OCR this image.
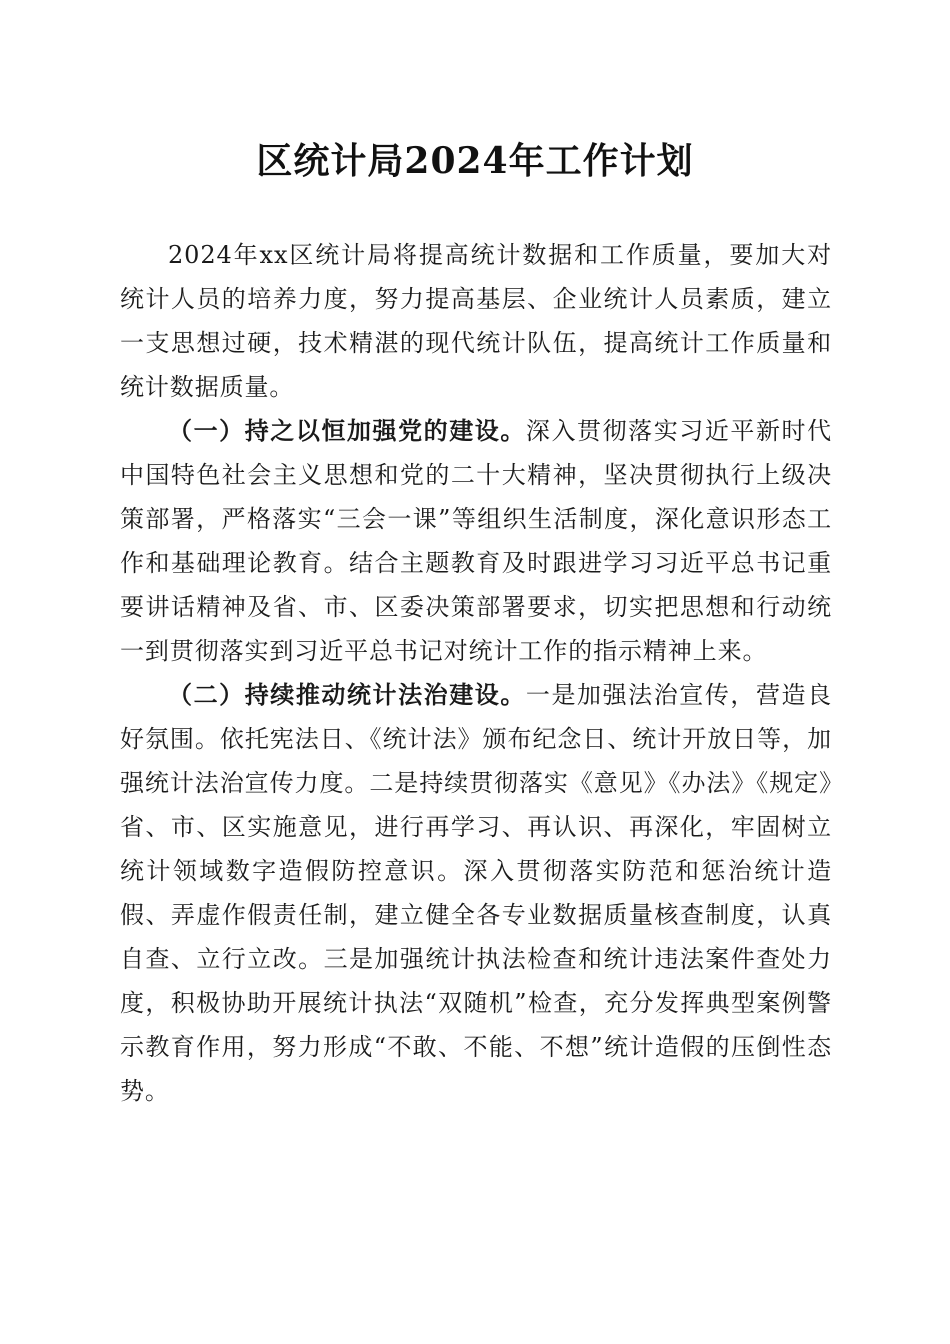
区统计局2024年工作计划

2024年xx区统计局将提高统计数据和工作质量，要加大对统计人员的培养力度，努力提高基层、企业统计人员素质，建立一支思想过硬，技术精湛的现代统计队伍，提高统计工作质量和统计数据质量。

（一）持之以恒加强党的建设。深入贯彻落实习近平新时代中国特色社会主义思想和党的二十大精神，坚决贯彻执行上级决策部署，严格落实“三会一课”等组织生活制度，深化意识形态工作和基础理论教育。结合主题教育及时跟进学习习近平总书记重要讲话精神及省、市、区委决策部署要求，切实把思想和行动统一到贯彻落实到习近平总书记对统计工作的指示精神上来。

（二）持续推动统计法治建设。一是加强法治宣传，营造良好氛围。依托宪法日、《统计法》颁布纪念日、统计开放日等，加强统计法治宣传力度。二是持续贯彻落实《意见》《办法》《规定》省、市、区实施意见，进行再学习、再认识、再深化，牢固树立统计领域数字造假防控意识。深入贯彻落实防范和惩治统计造假、弄虚作假责任制，建立健全各专业数据质量核查制度，认真自查、立行立改。三是加强统计执法检查和统计违法案件查处力度，积极协助开展统计执法“双随机”检查，充分发挥典型案例警示教育作用，努力形成“不敢、不能、不想”统计造假的压倒性态势。
